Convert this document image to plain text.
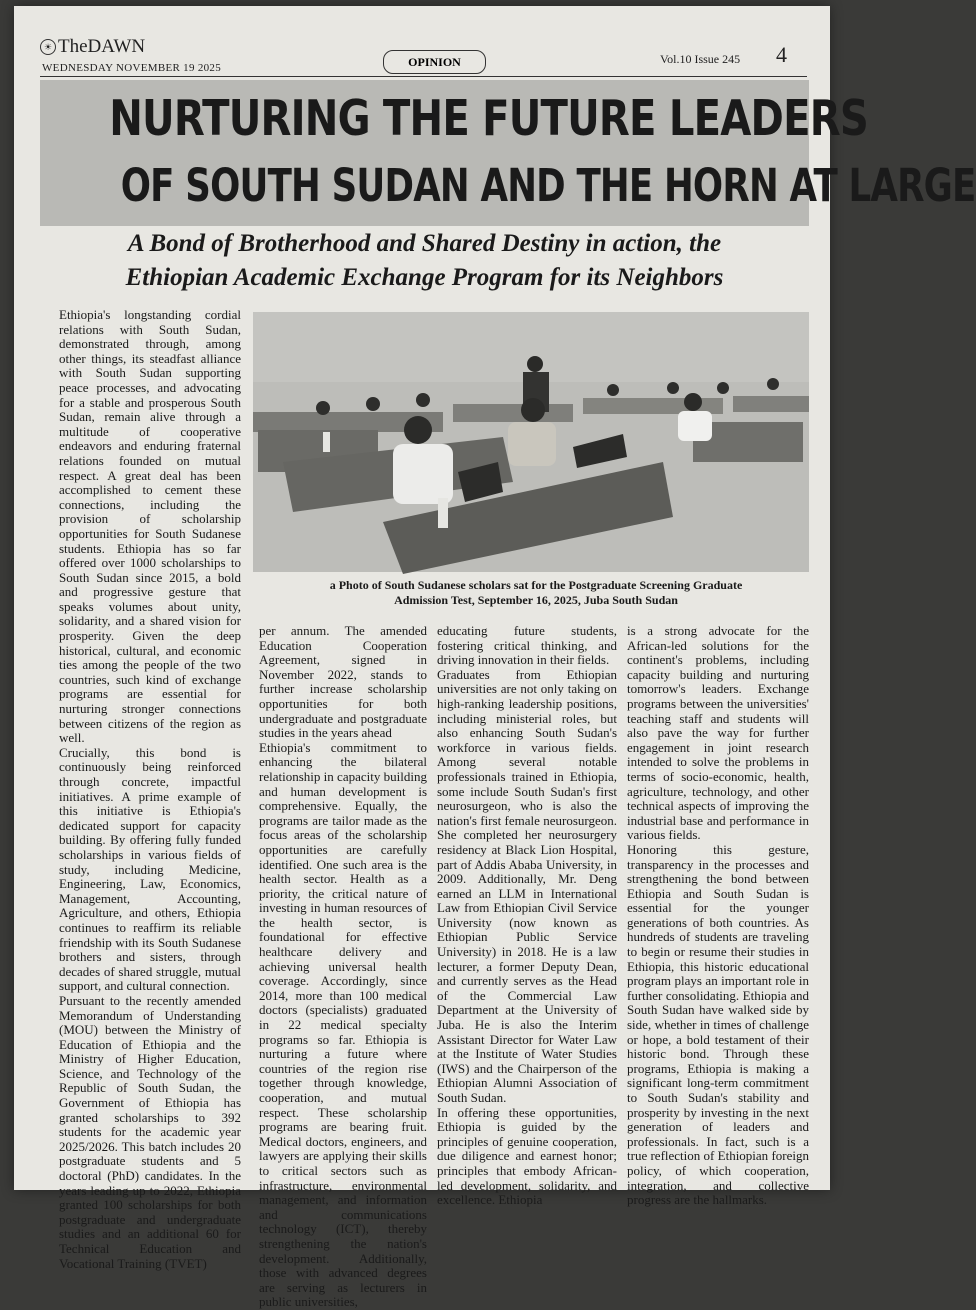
☀ TheDAWN
WEDNESDAY NOVEMBER 19 2025	OPINION	Vol.10 Issue 245 4
NURTURING THE FUTURE LEADERS
OF SOUTH SUDAN AND THE HORN AT LARGE
A Bond of Brotherhood and Shared Destiny in action, the
Ethiopian Academic Exchange Program for its Neighbors

Ethiopia's longstanding cordial relations with South Sudan, demonstrated through, among other things, its steadfast alliance with South Sudan supporting peace processes, and advocating for a stable and prosperous South Sudan, remain alive through a multitude of cooperative endeavors and enduring fraternal relations founded on mutual respect. A great deal has been accomplished to cement these connections, including the provision of scholarship opportunities for South Sudanese students. Ethiopia has so far offered over 1000 scholarships to South Sudan since 2015, a bold and progressive gesture that speaks volumes about unity, solidarity, and a shared vision for prosperity. Given the deep historical, cultural, and economic ties among the people of the two countries, such kind of exchange programs are essential for nurturing stronger connections between citizens of the region as well.

Crucially, this bond is continuously being reinforced through concrete, impactful initiatives. A prime example of this initiative is Ethiopia's dedicated support for capacity building. By offering fully funded scholarships in various fields of study, including Medicine, Engineering, Law, Economics, Management, Accounting, Agriculture, and others, Ethiopia continues to reaffirm its reliable friendship with its South Sudanese brothers and sisters, through decades of shared struggle, mutual support, and cultural connection.

Pursuant to the recently amended Memorandum of Understanding (MOU) between the Ministry of Education of Ethiopia and the Ministry of Higher Education, Science, and Technology of the Republic of South Sudan, the Government of Ethiopia has granted scholarships to 392 students for the academic year 2025/2026. This batch includes 20 postgraduate students and 5 doctoral (PhD) candidates. In the years leading up to 2022, Ethiopia granted 100 scholarships for both postgraduate and undergraduate studies and an additional 60 for Technical Education and Vocational Training (TVET)

a Photo of South Sudanese scholars sat for the Postgraduate Screening Graduate
Admission Test, September 16, 2025, Juba South Sudan

per annum. The amended Education Cooperation Agreement, signed in November 2022, stands to further increase scholarship opportunities for both undergraduate and postgraduate studies in the years ahead

Ethiopia's commitment to enhancing the bilateral relationship in capacity building and human development is comprehensive. Equally, the programs are tailor made as the focus areas of the scholarship opportunities are carefully identified. One such area is the health sector. Health as a priority, the critical nature of investing in human resources of the health sector, is foundational for effective healthcare delivery and achieving universal health coverage. Accordingly, since 2014, more than 100 medical doctors (specialists) graduated in 22 medical specialty programs so far. Ethiopia is nurturing a future where countries of the region rise together through knowledge, cooperation, and mutual respect. These scholarship programs are bearing fruit. Medical doctors, engineers, and lawyers are applying their skills to critical sectors such as infrastructure, environmental management, and information and communications technology (ICT), thereby strengthening the nation's development. Additionally, those with advanced degrees are serving as lecturers in public universities,

educating future students, fostering critical thinking, and driving innovation in their fields.

Graduates from Ethiopian universities are not only taking on high-ranking leadership positions, including ministerial roles, but also enhancing South Sudan's workforce in various fields. Among several notable professionals trained in Ethiopia, some include South Sudan's first neurosurgeon, who is also the nation's first female neurosurgeon. She completed her neurosurgery residency at Black Lion Hospital, part of Addis Ababa University, in 2009. Additionally, Mr. Deng earned an LLM in International Law from Ethiopian Civil Service University (now known as Ethiopian Public Service University) in 2018. He is a law lecturer, a former Deputy Dean, and currently serves as the Head of the Commercial Law Department at the University of Juba. He is also the Interim Assistant Director for Water Law at the Institute of Water Studies (IWS) and the Chairperson of the Ethiopian Alumni Association of South Sudan.

In offering these opportunities, Ethiopia is guided by the principles of genuine cooperation, due diligence and earnest honor; principles that embody African-led development, solidarity, and excellence. Ethiopia

is a strong advocate for the African-led solutions for the continent's problems, including capacity building and nurturing tomorrow's leaders. Exchange programs between the universities' teaching staff and students will also pave the way for further engagement in joint research intended to solve the problems in terms of socio-economic, health, agriculture, technology, and other technical aspects of improving the industrial base and performance in various fields.

Honoring this gesture, transparency in the processes and strengthening the bond between Ethiopia and South Sudan is essential for the younger generations of both countries. As hundreds of students are traveling to begin or resume their studies in Ethiopia, this historic educational program plays an important role in further consolidating. Ethiopia and South Sudan have walked side by side, whether in times of challenge or hope, a bold testament of their historic bond. Through these programs, Ethiopia is making a significant long-term commitment to South Sudan's stability and prosperity by investing in the next generation of leaders and professionals. In fact, such is a true reflection of Ethiopian foreign policy, of which cooperation, integration, and collective progress are the hallmarks.
